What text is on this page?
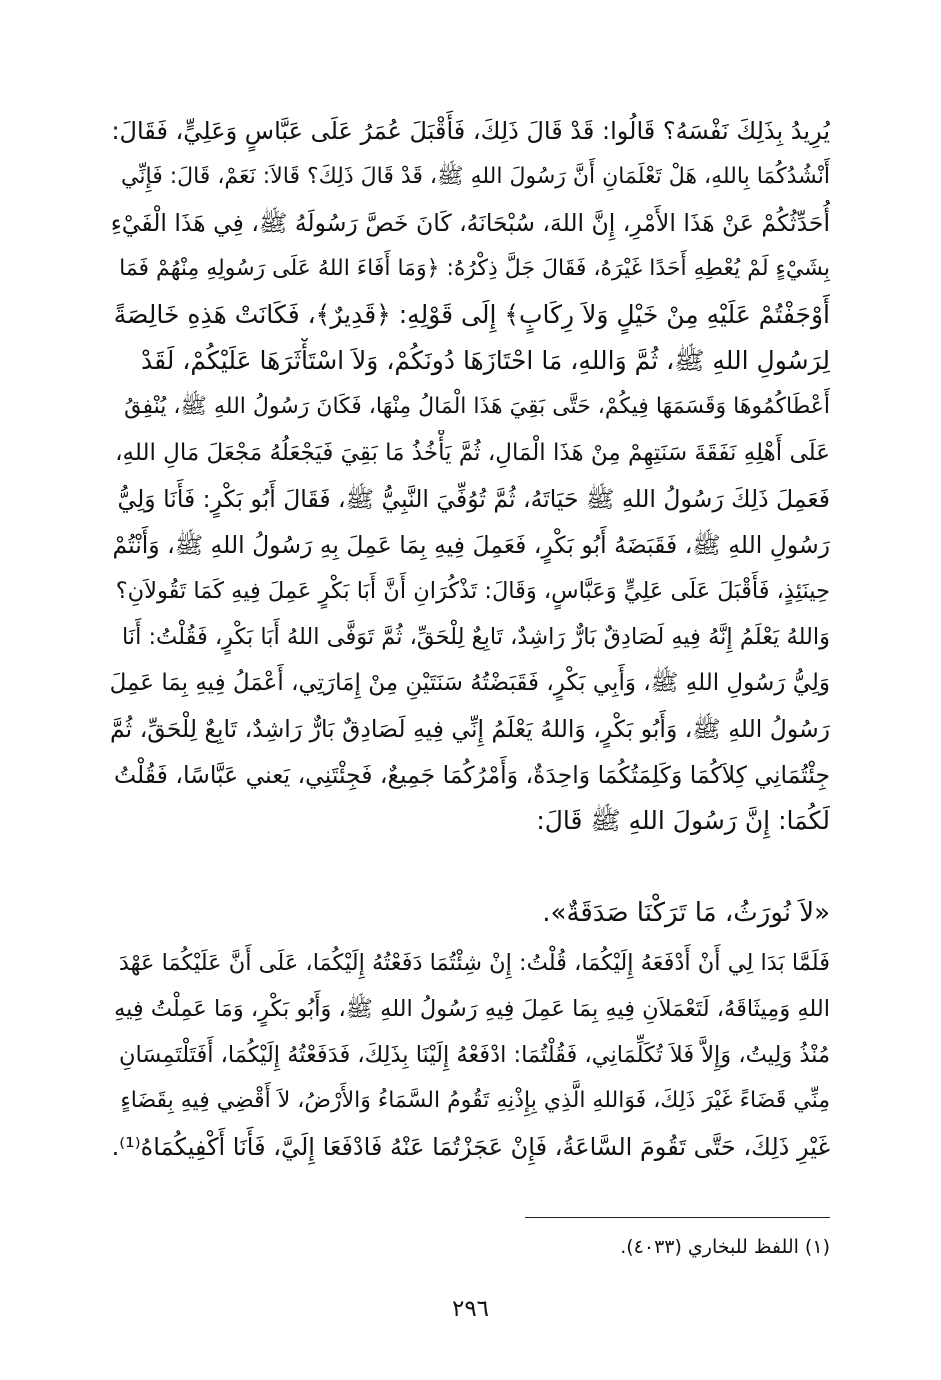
يُرِيدُ بِذَلِكَ نَفْسَهُ؟ قَالُوا: قَدْ قَالَ ذَلِكَ، فَأَقْبَلَ عُمَرُ عَلَى عَبَّاسٍ وَعَلِيٍّ، فَقَالَ:
أَنْشُدُكُمَا بِاللهِ، هَلْ تَعْلَمَانِ أَنَّ رَسُولَ اللهِ ﷺ، قَدْ قَالَ ذَلِكَ؟ قَالاَ: نَعَمْ، قَالَ: فَإِنِّي
أُحَدِّثُكُمْ عَنْ هَذَا الأَمْرِ، إِنَّ اللهَ، سُبْحَانَهُ، كَانَ خَصَّ رَسُولَهُ ﷺ، فِي هَذَا الْفَيْءِ
بِشَيْءٍ لَمْ يُعْطِهِ أَحَدًا غَيْرَهُ، فَقَالَ جَلَّ ذِكْرُهُ: ﴿وَمَا أَفَاءَ اللهُ عَلَى رَسُولِهِ مِنْهُمْ فَمَا
أَوْجَفْتُمْ عَلَيْهِ مِنْ خَيْلٍ وَلاَ رِكَابٍ﴾ إِلَى قَوْلِهِ: ﴿قَدِيرٌ﴾، فَكَانَتْ هَذِهِ خَالِصَةً
لِرَسُولِ اللهِ ﷺ، ثُمَّ وَاللهِ، مَا احْتَازَهَا دُونَكُمْ، وَلاَ اسْتَأْثَرَهَا عَلَيْكُمْ، لَقَدْ
أَعْطَاكُمُوهَا وَقَسَمَهَا فِيكُمْ، حَتَّى بَقِيَ هَذَا الْمَالُ مِنْهَا، فَكَانَ رَسُولُ اللهِ ﷺ، يُنْفِقُ
عَلَى أَهْلِهِ نَفَقَةَ سَنَتِهِمْ مِنْ هَذَا الْمَالِ، ثُمَّ يَأْخُذُ مَا بَقِيَ فَيَجْعَلُهُ مَجْعَلَ مَالِ اللهِ،
فَعَمِلَ ذَلِكَ رَسُولُ اللهِ ﷺ حَيَاتَهُ، ثُمَّ تُوُفِّيَ النَّبِيُّ ﷺ، فَقَالَ أَبُو بَكْرٍ: فَأَنَا وَلِيُّ
رَسُولِ اللهِ ﷺ، فَقَبَضَهُ أَبُو بَكْرٍ، فَعَمِلَ فِيهِ بِمَا عَمِلَ بِهِ رَسُولُ اللهِ ﷺ، وَأَنْتُمْ
حِينَئِذٍ، فَأَقْبَلَ عَلَى عَلِيٍّ وَعَبَّاسٍ، وَقَالَ: تَذْكُرَانِ أَنَّ أَبَا بَكْرٍ عَمِلَ فِيهِ كَمَا تَقُولاَنِ؟
وَاللهُ يَعْلَمُ إِنَّهُ فِيهِ لَصَادِقٌ بَارٌّ رَاشِدٌ، تَابِعٌ لِلْحَقِّ، ثُمَّ تَوَفَّى اللهُ أَبَا بَكْرٍ، فَقُلْتُ: أَنَا
وَلِيُّ رَسُولِ اللهِ ﷺ، وَأَبِي بَكْرٍ، فَقَبَضْتُهُ سَنَتَيْنِ مِنْ إِمَارَتِي، أَعْمَلُ فِيهِ بِمَا عَمِلَ
رَسُولُ اللهِ ﷺ، وَأَبُو بَكْرٍ، وَاللهُ يَعْلَمُ إِنِّي فِيهِ لَصَادِقٌ بَارٌّ رَاشِدٌ، تَابِعٌ لِلْحَقِّ، ثُمَّ
جِئْتُمَانِي كِلاَكُمَا وَكَلِمَتُكُمَا وَاحِدَةٌ، وَأَمْرُكُمَا جَمِيعٌ، فَجِئْتَنِي، يَعني عَبَّاسًا، فَقُلْتُ
لَكُمَا: إِنَّ رَسُولَ اللهِ ﷺ قَالَ:
«لاَ نُورَثُ، مَا تَرَكْنَا صَدَقَةٌ».
فَلَمَّا بَدَا لِي أَنْ أَدْفَعَهُ إِلَيْكُمَا، قُلْتُ: إِنْ شِئْتُمَا دَفَعْتُهُ إِلَيْكُمَا، عَلَى أَنَّ عَلَيْكُمَا عَهْدَ
اللهِ وَمِيثَاقَهُ، لَتَعْمَلاَنِ فِيهِ بِمَا عَمِلَ فِيهِ رَسُولُ اللهِ ﷺ، وَأَبُو بَكْرٍ، وَمَا عَمِلْتُ فِيهِ
مُنْذُ وَلِيتُ، وَإِلاَّ فَلاَ تُكَلِّمَانِي، فَقُلْتُمَا: ادْفَعْهُ إِلَيْنَا بِذَلِكَ، فَدَفَعْتُهُ إِلَيْكُمَا، أَفَتَلْتَمِسَانِ
مِنِّي قَضَاءً غَيْرَ ذَلِكَ، فَوَاللهِ الَّذِي بِإِذْنِهِ تَقُومُ السَّمَاءُ وَالأَرْضُ، لاَ أَقْضِي فِيهِ بِقَضَاءٍ
غَيْرِ ذَلِكَ، حَتَّى تَقُومَ السَّاعَةُ، فَإِنْ عَجَزْتُمَا عَنْهُ فَادْفَعَا إِلَيَّ، فَأَنَا أَكْفِيكُمَاهُ⁽¹⁾.
(١) اللفظ للبخاري (٤٠٣٣).
٢٩٦
